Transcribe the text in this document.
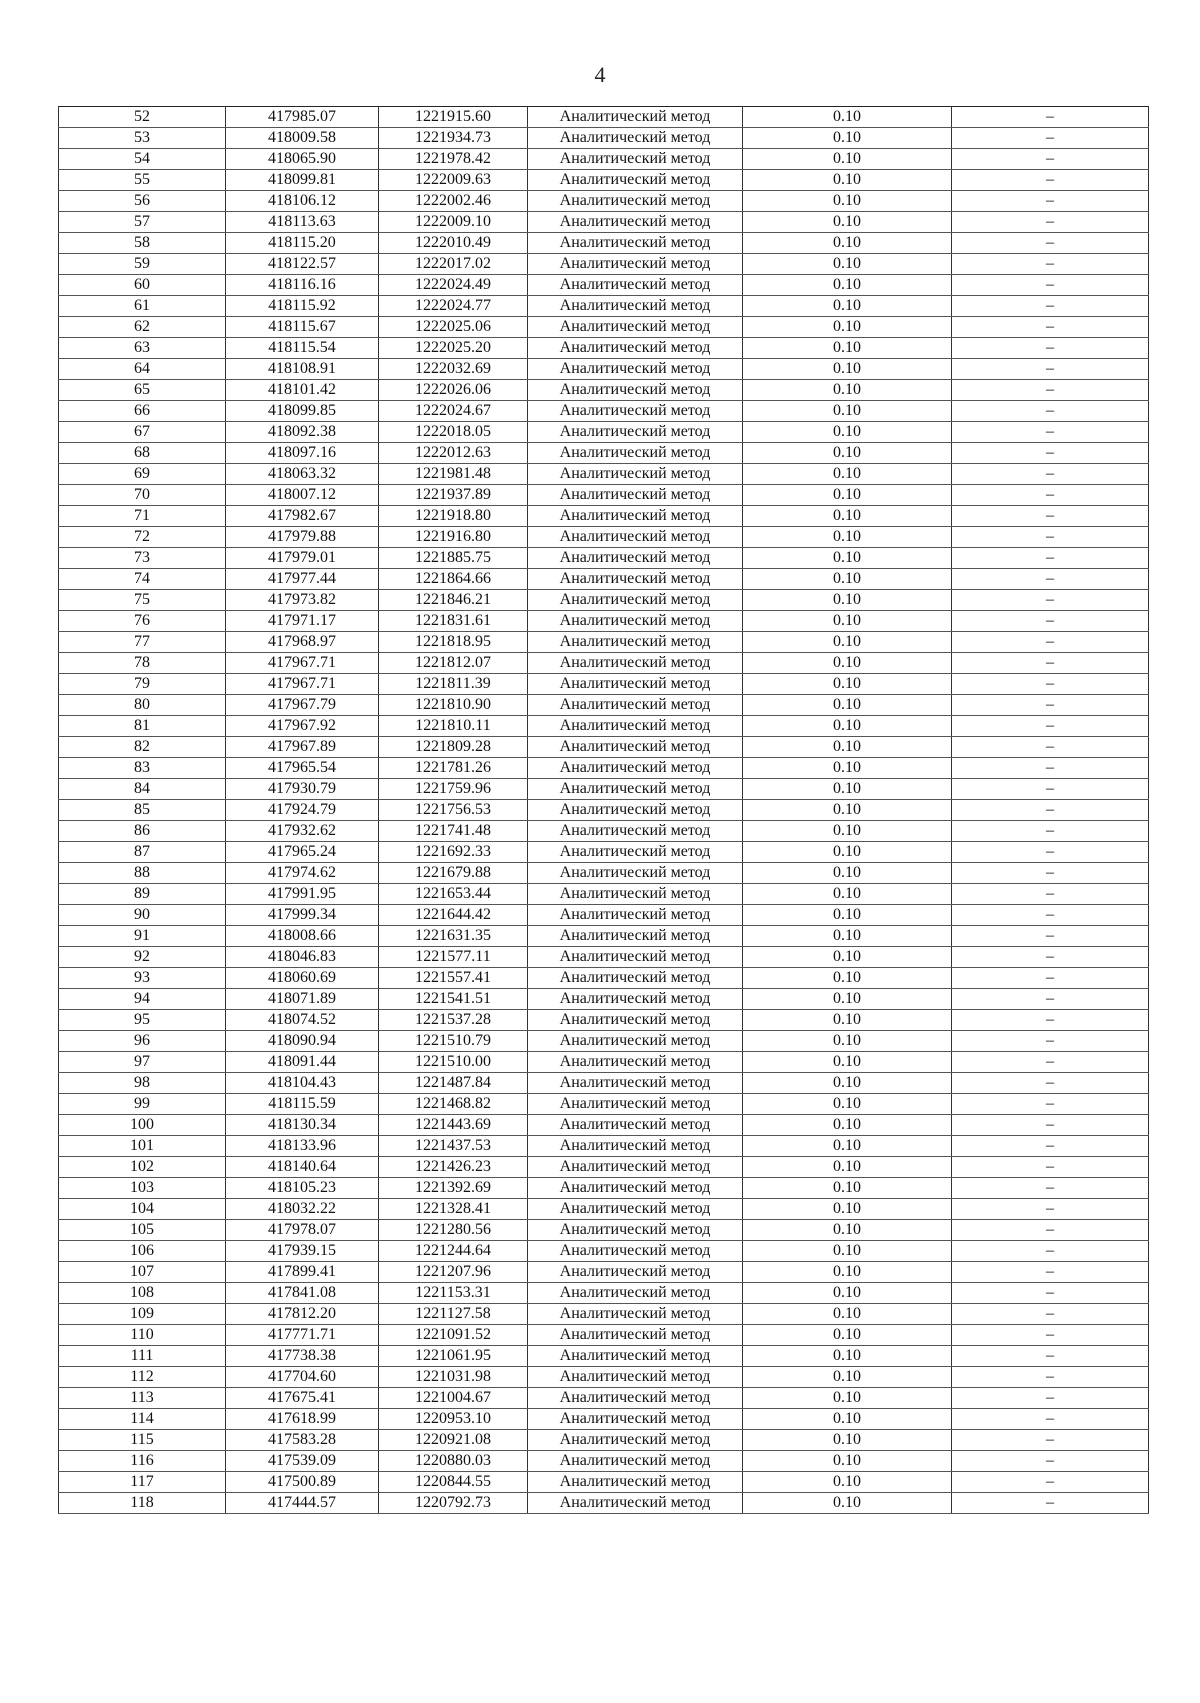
4
52	417985.07	1221915.60	Аналитический метод	0.10	–
53	418009.58	1221934.73	Аналитический метод	0.10	–
54	418065.90	1221978.42	Аналитический метод	0.10	–
55	418099.81	1222009.63	Аналитический метод	0.10	–
56	418106.12	1222002.46	Аналитический метод	0.10	–
57	418113.63	1222009.10	Аналитический метод	0.10	–
58	418115.20	1222010.49	Аналитический метод	0.10	–
59	418122.57	1222017.02	Аналитический метод	0.10	–
60	418116.16	1222024.49	Аналитический метод	0.10	–
61	418115.92	1222024.77	Аналитический метод	0.10	–
62	418115.67	1222025.06	Аналитический метод	0.10	–
63	418115.54	1222025.20	Аналитический метод	0.10	–
64	418108.91	1222032.69	Аналитический метод	0.10	–
65	418101.42	1222026.06	Аналитический метод	0.10	–
66	418099.85	1222024.67	Аналитический метод	0.10	–
67	418092.38	1222018.05	Аналитический метод	0.10	–
68	418097.16	1222012.63	Аналитический метод	0.10	–
69	418063.32	1221981.48	Аналитический метод	0.10	–
70	418007.12	1221937.89	Аналитический метод	0.10	–
71	417982.67	1221918.80	Аналитический метод	0.10	–
72	417979.88	1221916.80	Аналитический метод	0.10	–
73	417979.01	1221885.75	Аналитический метод	0.10	–
74	417977.44	1221864.66	Аналитический метод	0.10	–
75	417973.82	1221846.21	Аналитический метод	0.10	–
76	417971.17	1221831.61	Аналитический метод	0.10	–
77	417968.97	1221818.95	Аналитический метод	0.10	–
78	417967.71	1221812.07	Аналитический метод	0.10	–
79	417967.71	1221811.39	Аналитический метод	0.10	–
80	417967.79	1221810.90	Аналитический метод	0.10	–
81	417967.92	1221810.11	Аналитический метод	0.10	–
82	417967.89	1221809.28	Аналитический метод	0.10	–
83	417965.54	1221781.26	Аналитический метод	0.10	–
84	417930.79	1221759.96	Аналитический метод	0.10	–
85	417924.79	1221756.53	Аналитический метод	0.10	–
86	417932.62	1221741.48	Аналитический метод	0.10	–
87	417965.24	1221692.33	Аналитический метод	0.10	–
88	417974.62	1221679.88	Аналитический метод	0.10	–
89	417991.95	1221653.44	Аналитический метод	0.10	–
90	417999.34	1221644.42	Аналитический метод	0.10	–
91	418008.66	1221631.35	Аналитический метод	0.10	–
92	418046.83	1221577.11	Аналитический метод	0.10	–
93	418060.69	1221557.41	Аналитический метод	0.10	–
94	418071.89	1221541.51	Аналитический метод	0.10	–
95	418074.52	1221537.28	Аналитический метод	0.10	–
96	418090.94	1221510.79	Аналитический метод	0.10	–
97	418091.44	1221510.00	Аналитический метод	0.10	–
98	418104.43	1221487.84	Аналитический метод	0.10	–
99	418115.59	1221468.82	Аналитический метод	0.10	–
100	418130.34	1221443.69	Аналитический метод	0.10	–
101	418133.96	1221437.53	Аналитический метод	0.10	–
102	418140.64	1221426.23	Аналитический метод	0.10	–
103	418105.23	1221392.69	Аналитический метод	0.10	–
104	418032.22	1221328.41	Аналитический метод	0.10	–
105	417978.07	1221280.56	Аналитический метод	0.10	–
106	417939.15	1221244.64	Аналитический метод	0.10	–
107	417899.41	1221207.96	Аналитический метод	0.10	–
108	417841.08	1221153.31	Аналитический метод	0.10	–
109	417812.20	1221127.58	Аналитический метод	0.10	–
110	417771.71	1221091.52	Аналитический метод	0.10	–
111	417738.38	1221061.95	Аналитический метод	0.10	–
112	417704.60	1221031.98	Аналитический метод	0.10	–
113	417675.41	1221004.67	Аналитический метод	0.10	–
114	417618.99	1220953.10	Аналитический метод	0.10	–
115	417583.28	1220921.08	Аналитический метод	0.10	–
116	417539.09	1220880.03	Аналитический метод	0.10	–
117	417500.89	1220844.55	Аналитический метод	0.10	–
118	417444.57	1220792.73	Аналитический метод	0.10	–
